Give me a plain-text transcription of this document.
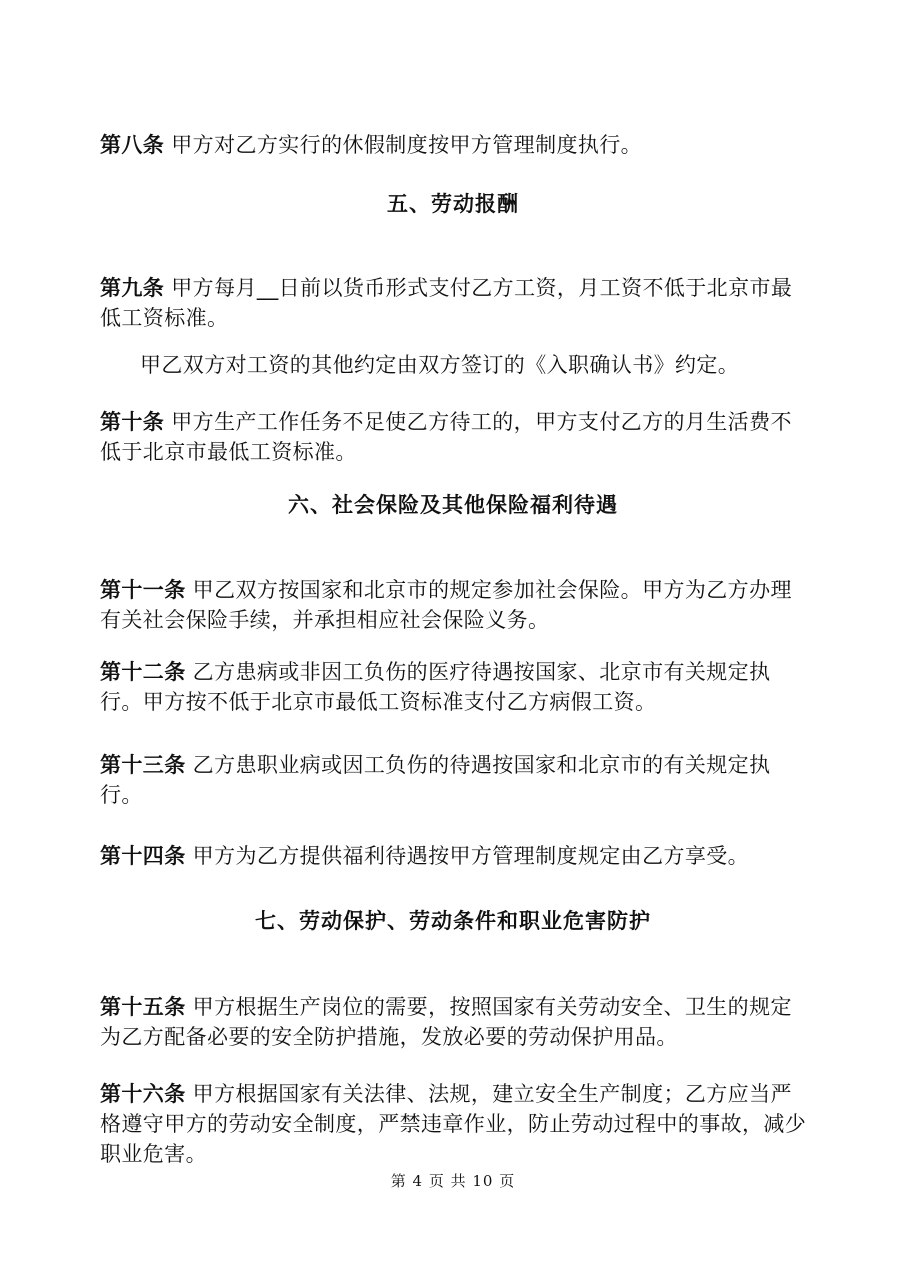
第八条 甲方对乙方实行的休假制度按甲方管理制度执行。
五、劳动报酬
第九条 甲方每月__日前以货币形式支付乙方工资，月工资不低于北京市最低工资标准。
甲乙双方对工资的其他约定由双方签订的《入职确认书》约定。
第十条 甲方生产工作任务不足使乙方待工的，甲方支付乙方的月生活费不低于北京市最低工资标准。
六、社会保险及其他保险福利待遇
第十一条 甲乙双方按国家和北京市的规定参加社会保险。甲方为乙方办理有关社会保险手续，并承担相应社会保险义务。
第十二条 乙方患病或非因工负伤的医疗待遇按国家、北京市有关规定执行。甲方按不低于北京市最低工资标准支付乙方病假工资。
第十三条 乙方患职业病或因工负伤的待遇按国家和北京市的有关规定执行。
第十四条 甲方为乙方提供福利待遇按甲方管理制度规定由乙方享受。
七、劳动保护、劳动条件和职业危害防护
第十五条 甲方根据生产岗位的需要，按照国家有关劳动安全、卫生的规定为乙方配备必要的安全防护措施，发放必要的劳动保护用品。
第十六条 甲方根据国家有关法律、法规，建立安全生产制度；乙方应当严格遵守甲方的劳动安全制度，严禁违章作业，防止劳动过程中的事故，减少职业危害。
第 4 页 共 10 页
